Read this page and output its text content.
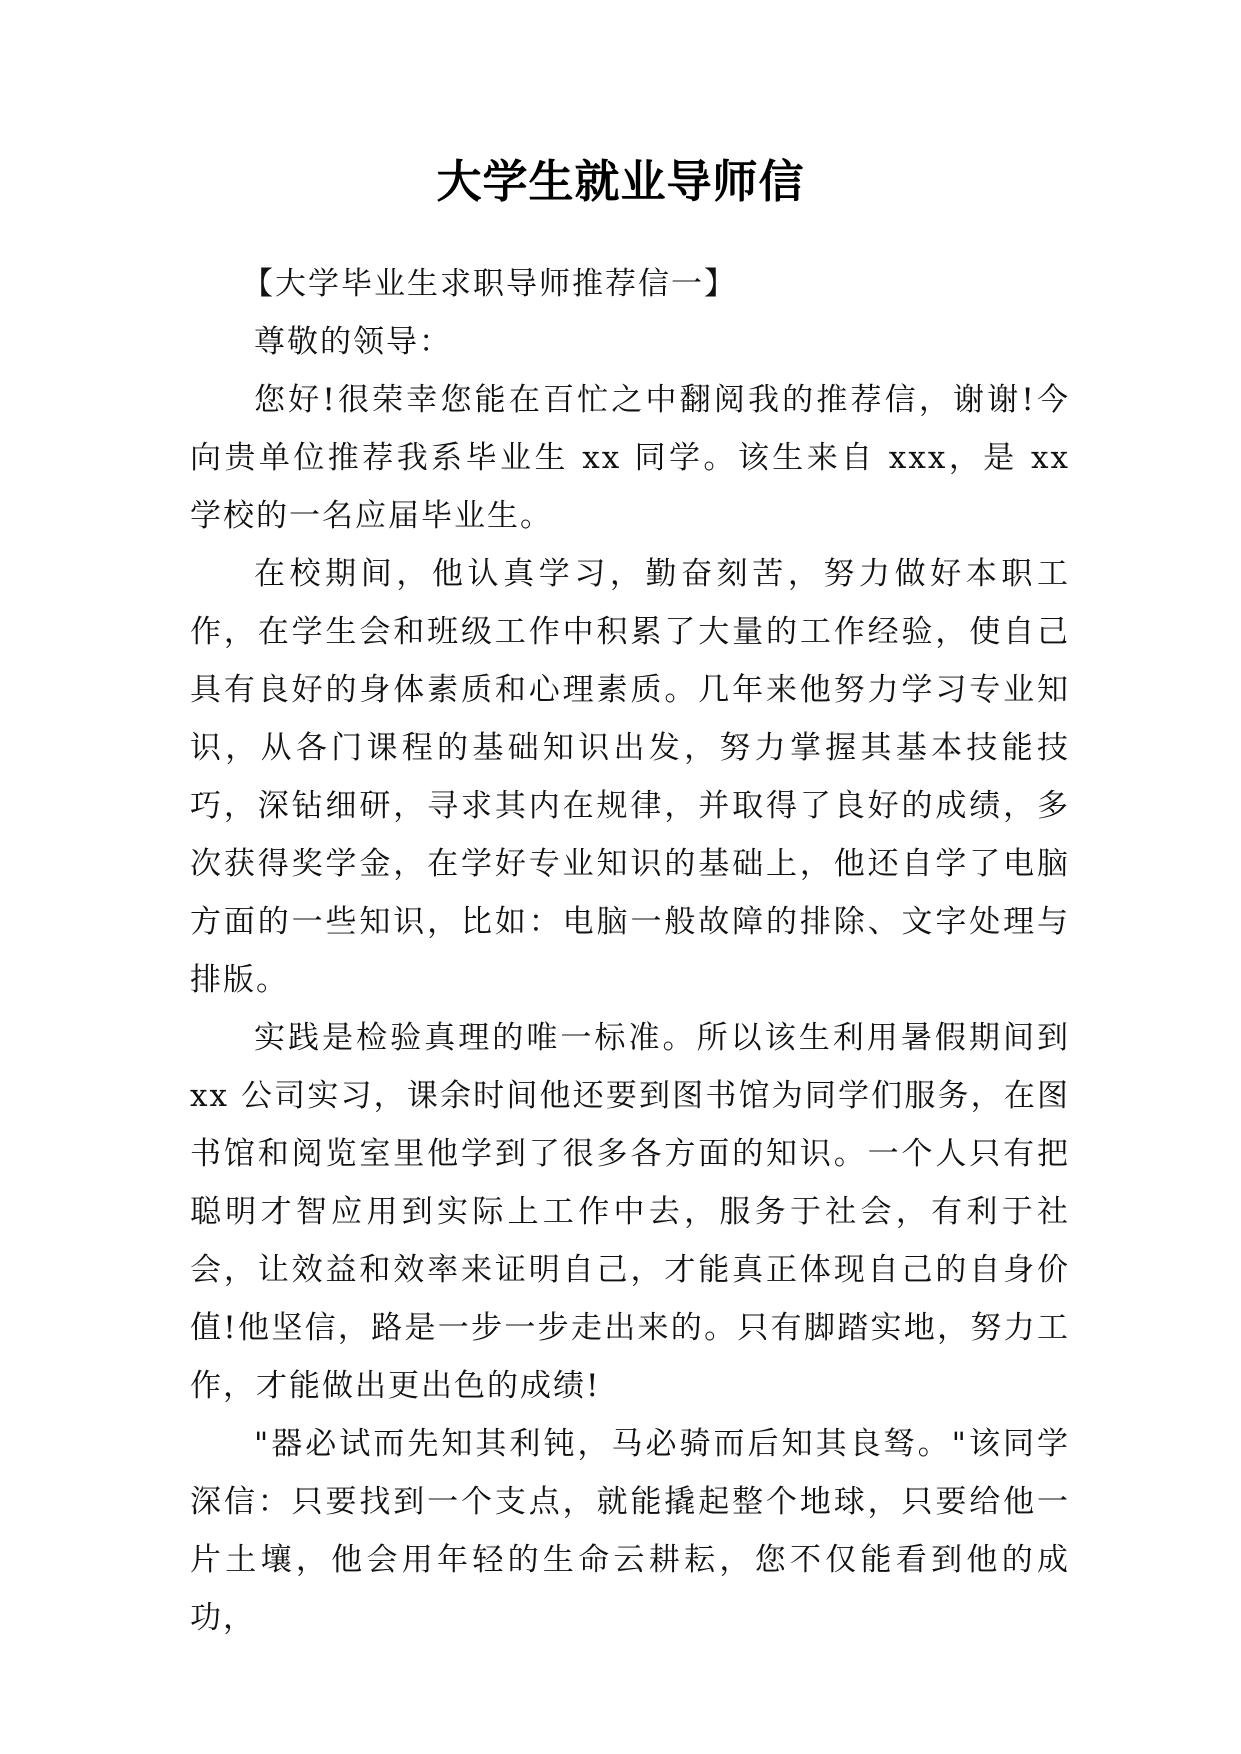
大学生就业导师信

【大学毕业生求职导师推荐信一】

尊敬的领导：

您好!很荣幸您能在百忙之中翻阅我的推荐信，谢谢!今向贵单位推荐我系毕业生 xx 同学。该生来自 xxx，是 xx 学校的一名应届毕业生。

在校期间，他认真学习，勤奋刻苦，努力做好本职工作，在学生会和班级工作中积累了大量的工作经验，使自己具有良好的身体素质和心理素质。几年来他努力学习专业知识，从各门课程的基础知识出发，努力掌握其基本技能技巧，深钻细研，寻求其内在规律，并取得了良好的成绩，多次获得奖学金，在学好专业知识的基础上，他还自学了电脑方面的一些知识，比如：电脑一般故障的排除、文字处理与排版。

实践是检验真理的唯一标准。所以该生利用暑假期间到 xx 公司实习，课余时间他还要到图书馆为同学们服务，在图书馆和阅览室里他学到了很多各方面的知识。一个人只有把聪明才智应用到实际上工作中去，服务于社会，有利于社会，让效益和效率来证明自己，才能真正体现自己的自身价值!他坚信，路是一步一步走出来的。只有脚踏实地，努力工作，才能做出更出色的成绩!

"器必试而先知其利钝，马必骑而后知其良驽。"该同学深信：只要找到一个支点，就能撬起整个地球，只要给他一片土壤，他会用年轻的生命云耕耘，您不仅能看到他的成功，
